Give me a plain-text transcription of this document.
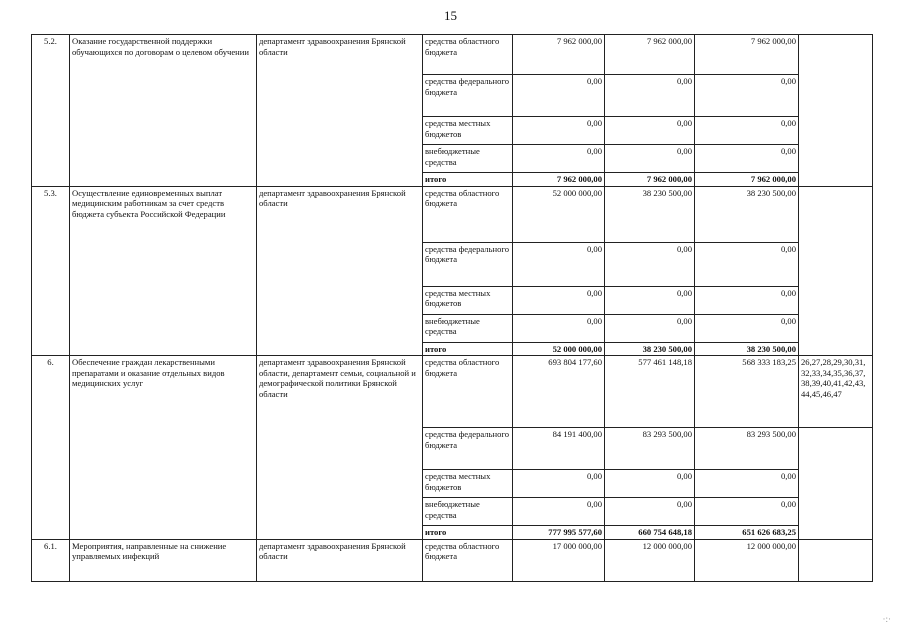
15
5.2.	Оказание государственной поддержки обучающихся по договорам о целевом обучении	департамент здравоохранения Брянской области	средства областного бюджета	7 962 000,00	7 962 000,00	7 962 000,00	
			средства федерального бюджета	0,00	0,00	0,00	
			средства местных бюджетов	0,00	0,00	0,00	
			внебюджетные средства	0,00	0,00	0,00	
			итого	7 962 000,00	7 962 000,00	7 962 000,00	
5.3.	Осуществление единовременных выплат медицинским работникам за счет средств бюджета субъекта Российской Федерации	департамент здравоохранения Брянской области	средства областного бюджета	52 000 000,00	38 230 500,00	38 230 500,00	
			средства федерального бюджета	0,00	0,00	0,00	
			средства местных бюджетов	0,00	0,00	0,00	
			внебюджетные средства	0,00	0,00	0,00	
			итого	52 000 000,00	38 230 500,00	38 230 500,00	
6.	Обеспечение граждан лекарственными препаратами и оказание отдельных видов медицинских услуг	департамент здравоохранения Брянской области, департамент семьи, социальной и демографической политики Брянской области	средства областного бюджета	693 804 177,60	577 461 148,18	568 333 183,25	26,27,28,29,30,31, 32,33,34,35,36,37, 38,39,40,41,42,43, 44,45,46,47
			средства федерального бюджета	84 191 400,00	83 293 500,00	83 293 500,00	
			средства местных бюджетов	0,00	0,00	0,00	
			внебюджетные средства	0,00	0,00	0,00	
			итого	777 995 577,60	660 754 648,18	651 626 683,25	
6.1.	Мероприятия, направленные на снижение управляемых инфекций	департамент здравоохранения Брянской области	средства областного бюджета	17 000 000,00	12 000 000,00	12 000 000,00	
·:·
